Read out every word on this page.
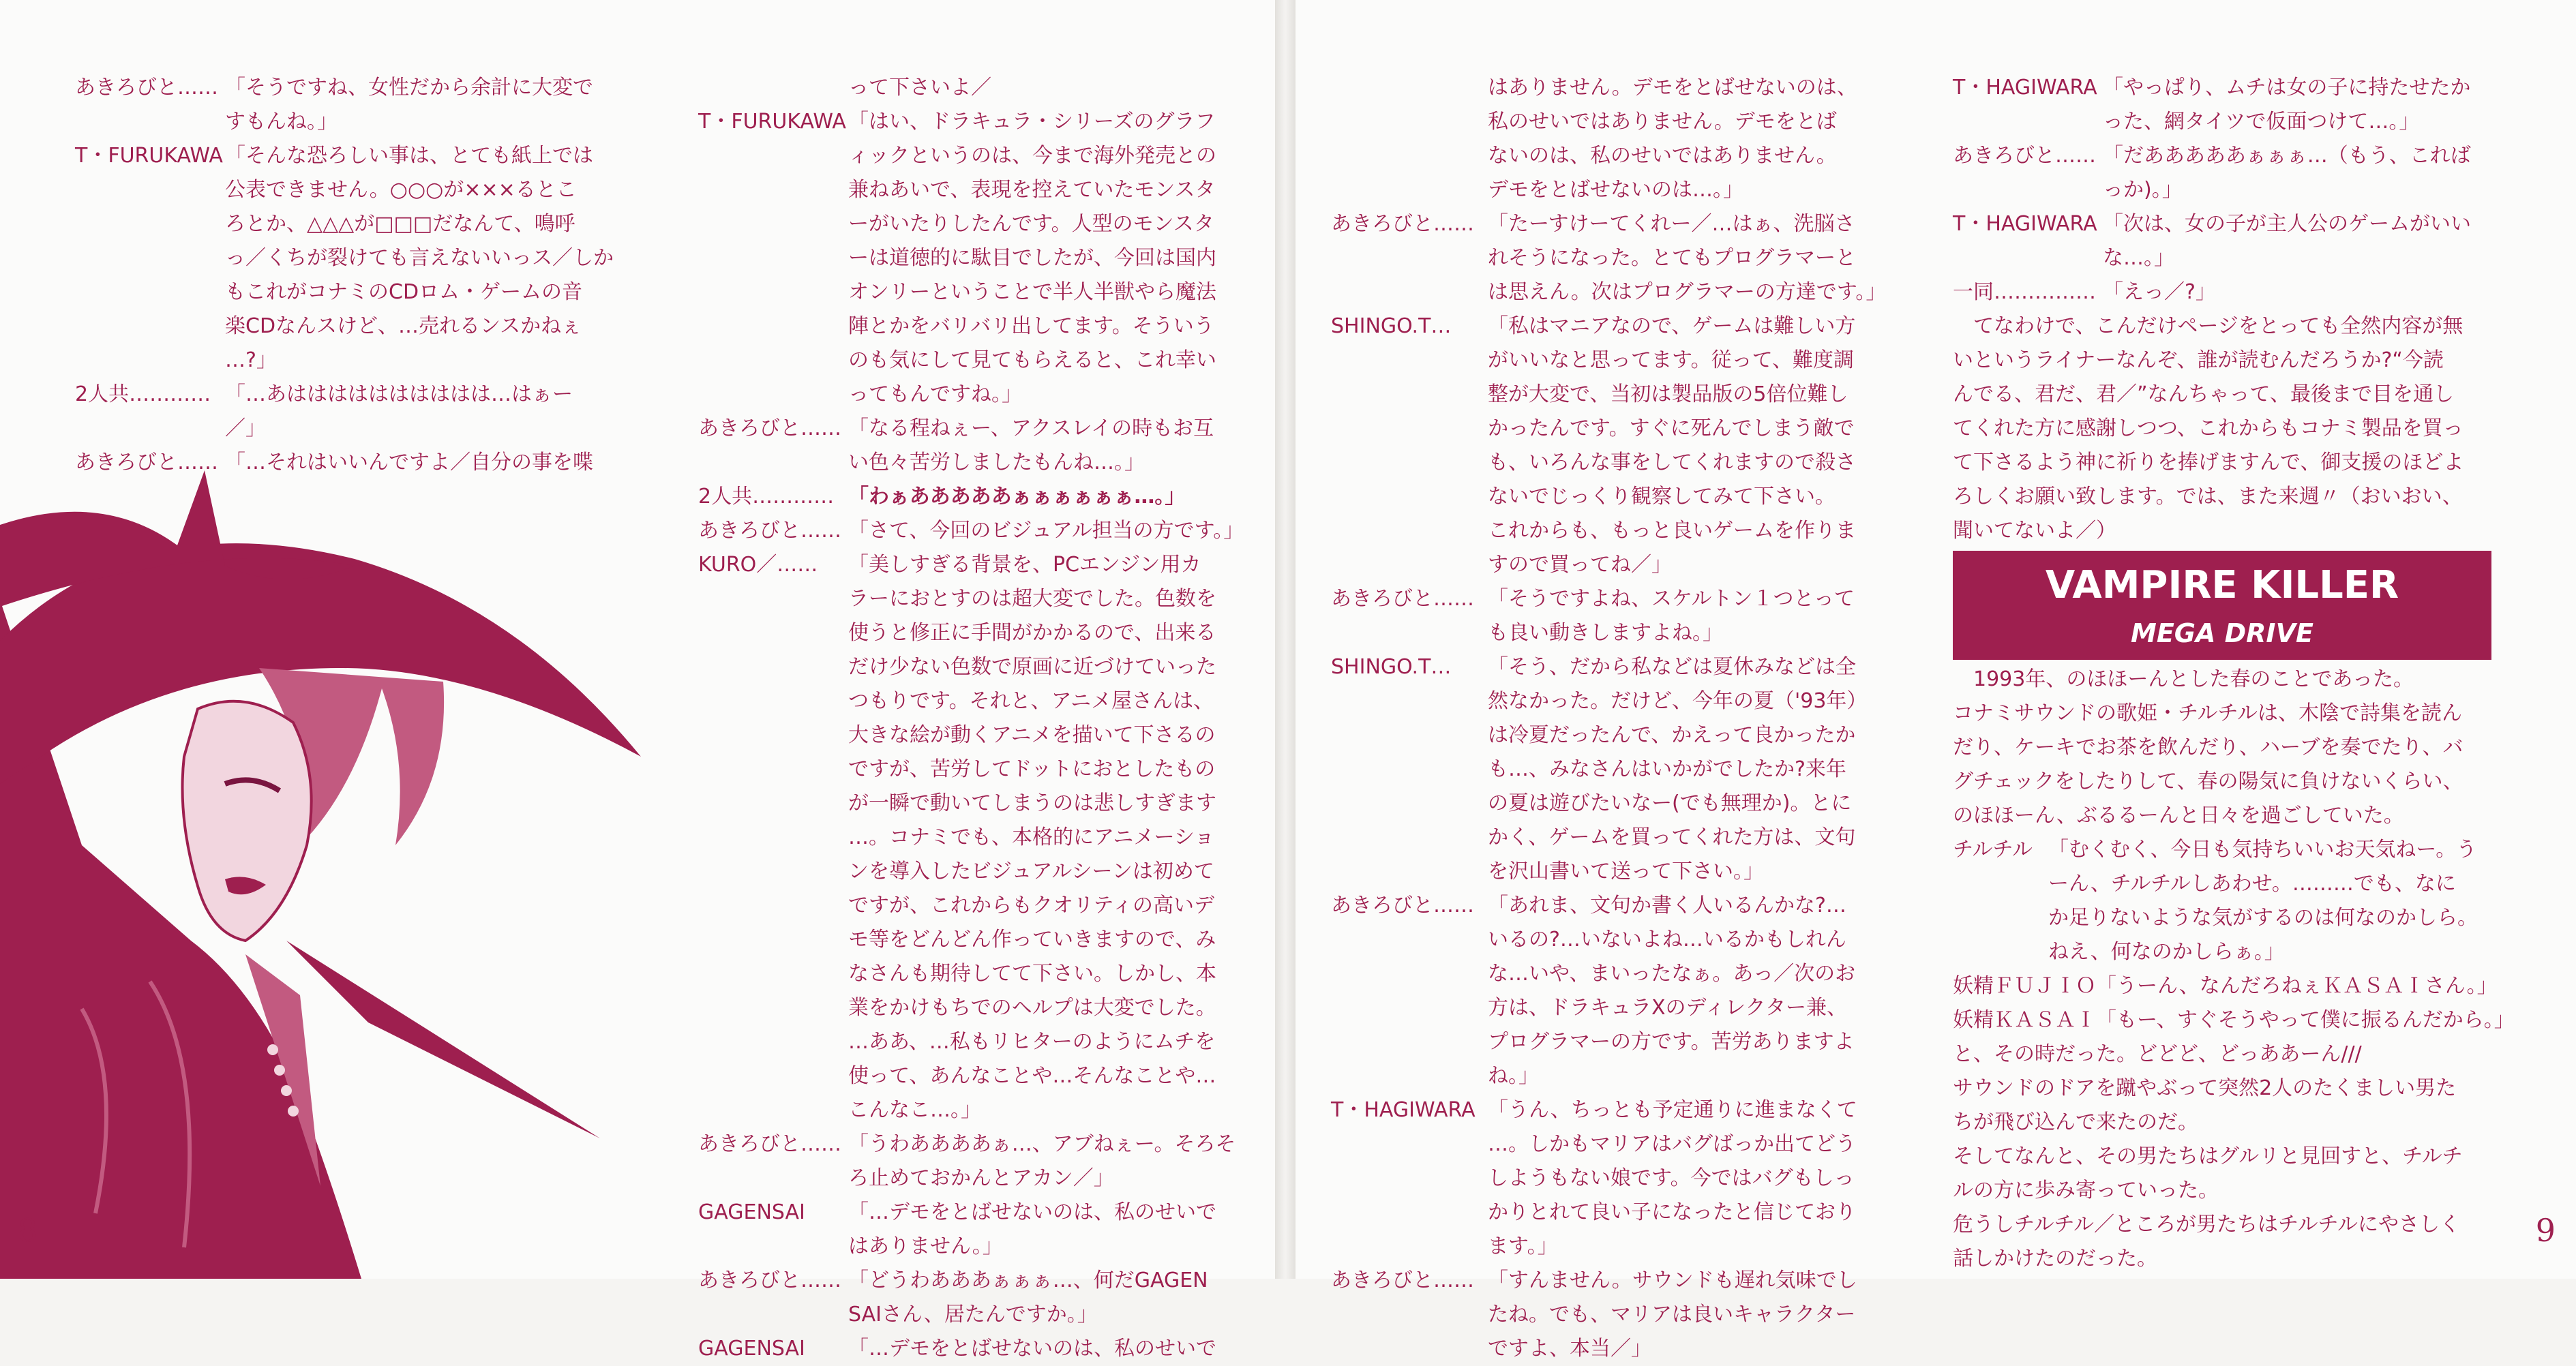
あきろびと…… 「そうですね、女性だから余計に大変で
すもんね。」
T・FURUKAWA 「そんな恐ろしい事は、とても紙上では
公表できません。○○○が×××るとこ
ろとか、△△△が□□□だなんて、鳴呼
っ／くちが裂けても言えないいっス／しか
もこれがコナミのCDロム・ゲームの音
楽CDなんスけど、…売れるンスかねぇ
…?」
2人共………… 「…あはははははははははは…はぁー
／」
あきろびと…… 「…それはいいんですよ／自分の事を喋
って下さいよ／
T・FURUKAWA 「はい、ドラキュラ・シリーズのグラフ
ィックというのは、今まで海外発売との
兼ねあいで、表現を控えていたモンスタ
ーがいたりしたんです。人型のモンスタ
ーは道徳的に駄目でしたが、今回は国内
オンリーということで半人半獣やら魔法
陣とかをバリバリ出してます。そういう
のも気にして見てもらえると、これ幸い
ってもんですね。」
あきろびと…… 「なる程ねぇー、アクスレイの時もお互
い色々苦労しましたもんね…。」
2人共………… 「わぁあああああぁぁぁぁぁぁ…。」
あきろびと…… 「さて、今回のビジュアル担当の方です。」
KURO／……	「美しすぎる背景を、PCエンジン用カ
ラーにおとすのは超大変でした。色数を
使うと修正に手間がかかるので、出来る
だけ少ない色数で原画に近づけていった
つもりです。それと、アニメ屋さんは、
大きな絵が動くアニメを描いて下さるの
ですが、苦労してドットにおとしたもの
が一瞬で動いてしまうのは悲しすぎます
…。コナミでも、本格的にアニメーショ
ンを導入したビジュアルシーンは初めて
ですが、これからもクオリティの高いデ
モ等をどんどん作っていきますので、み
なさんも期待してて下さい。しかし、本
業をかけもちでのヘルプは大変でした。
…ああ、…私もリヒターのようにムチを
使って、あんなことや…そんなことや…
こんなこ…。」
あきろびと…… 「うわああああぁ…、アブねぇー。そろそ
ろ止めておかんとアカン／」
GAGENSAI	「…デモをとばせないのは、私のせいで
はありません。」
あきろびと…… 「どうわあああぁぁぁ…、何だGAGEN
SAIさん、居たんですか。」
GAGENSAI	「…デモをとばせないのは、私のせいで
8
はありません。デモをとばせないのは、
私のせいではありません。デモをとば
ないのは、私のせいではありません。
デモをとばせないのは…。」
あきろびと…… 「たーすけーてくれー／…はぁ、洗脳さ
れそうになった。とてもプログラマーと
は思えん。次はプログラマーの方達です。」
SHINGO.T…	「私はマニアなので、ゲームは難しい方
がいいなと思ってます。従って、難度調
整が大変で、当初は製品版の5倍位難し
かったんです。すぐに死んでしまう敵で
も、いろんな事をしてくれますので殺さ
ないでじっくり観察してみて下さい。
これからも、もっと良いゲームを作りま
すので買ってね／」
あきろびと…… 「そうですよね、スケルトン１つとって
も良い動きしますよね。」
SHINGO.T…	「そう、だから私などは夏休みなどは全
然なかった。だけど、今年の夏（'93年）
は冷夏だったんで、かえって良かったか
も…、みなさんはいかがでしたか?来年
の夏は遊びたいなー(でも無理か)。とに
かく、ゲームを買ってくれた方は、文句
を沢山書いて送って下さい。」
あきろびと…… 「あれま、文句か書く人いるんかな?…
いるの?…いないよね…いるかもしれん
な…いや、まいったなぁ。あっ／次のお
方は、ドラキュラXのディレクター兼、
プログラマーの方です。苦労ありますよ
ね。」
T・HAGIWARA 「うん、ちっとも予定通りに進まなくて
…。しかもマリアはバグばっか出てどう
しようもない娘です。今ではバグもしっ
かりとれて良い子になったと信じており
ます。」
あきろびと…… 「すんません。サウンドも遅れ気味でし
たね。でも、マリアは良いキャラクター
ですよ、本当／」
T・HAGIWARA 「やっぱり、ムチは女の子に持たせたか
った、網タイツで仮面つけて…。」
あきろびと…… 「だあああああぁぁぁ…（もう、これば
っか)。」
T・HAGIWARA 「次は、女の子が主人公のゲームがいい
な…。」
一同…………… 「えっ／?」
　てなわけで、こんだけページをとっても全然内容が無
いというライナーなんぞ、誰が読むんだろうか?“今読
んでる、君だ、君／”なんちゃって、最後まで目を通し
てくれた方に感謝しつつ、これからもコナミ製品を買っ
て下さるよう神に祈りを捧げますんで、御支援のほどよ
ろしくお願い致します。では、また来週〃（おいおい、
聞いてないよ／）
　1993年、のほほーんとした春のことであった。
コナミサウンドの歌姫・チルチルは、木陰で詩集を読ん
だり、ケーキでお茶を飲んだり、ハーブを奏でたり、バ
グチェックをしたりして、春の陽気に負けないくらい、
のほほーん、ぶるるーんと日々を過ごしていた。
チルチル 「むくむく、今日も気持ちいいお天気ねー。う
ーん、チルチルしあわせ。………でも、なに
か足りないような気がするのは何なのかしら。
ねえ、何なのかしらぁ。」
妖精ＦＵＪＩＯ「うーん、なんだろねぇＫＡＳＡＩさん。」
妖精ＫＡＳＡＩ「もー、すぐそうやって僕に振るんだから。」
と、その時だった。どどど、どっああーん///
サウンドのドアを蹴やぶって突然2人のたくましい男た
ちが飛び込んで来たのだ。
そしてなんと、その男たちはグルリと見回すと、チルチ
ルの方に歩み寄っていった。
危うしチルチル／ところが男たちはチルチルにやさしく
話しかけたのだった。
9
VAMPIRE KILLER
MEGA DRIVE
